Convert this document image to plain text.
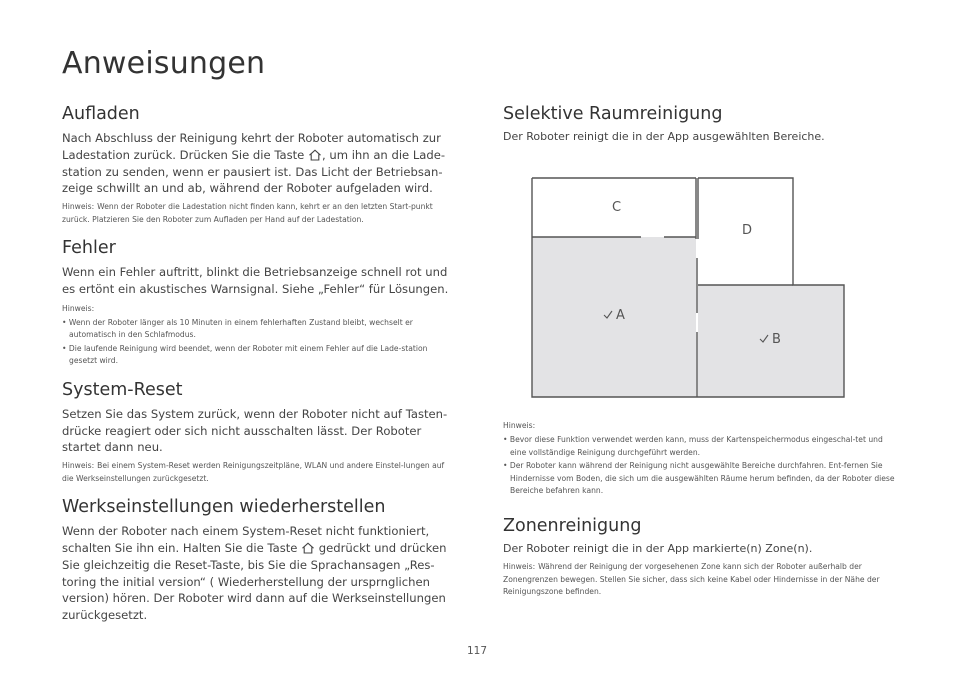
Anweisungen
Aufladen

Nach Abschluss der Reinigung kehrt der Roboter automatisch zur
Ladestation zurück. Drücken Sie die Taste , um ihn an die Lade-
station zu senden, wenn er pausiert ist. Das Licht der Betriebsan-
zeige schwillt an und ab, während der Roboter aufgeladen wird.

Hinweis: Wenn der Roboter die Ladestation nicht finden kann, kehrt er an den letzten Start-punkt zurück. Platzieren Sie den Roboter zum Aufladen per Hand auf der Ladestation.

Fehler

Wenn ein Fehler auftritt, blinkt die Betriebsanzeige schnell rot und es ertönt ein akustisches Warnsignal. Siehe „Fehler“ für Lösungen.

Hinweis:

• Wenn der Roboter länger als 10 Minuten in einem fehlerhaften Zustand bleibt, wechselt er automatisch in den Schlafmodus.
• Die laufende Reinigung wird beendet, wenn der Roboter mit einem Fehler auf die Lade-station gesetzt wird.
System-Reset

Setzen Sie das System zurück, wenn der Roboter nicht auf Tasten-drücke reagiert oder sich nicht ausschalten lässt. Der Roboter startet dann neu.

Hinweis: Bei einem System-Reset werden Reinigungszeitpläne, WLAN und andere Einstel-lungen auf die Werkseinstellungen zurückgesetzt.

Werkseinstellungen wiederherstellen

Wenn der Roboter nach einem System-Reset nicht funktioniert, schalten Sie ihn ein. Halten Sie die Taste gedrückt und drücken Sie gleichzeitig die Reset-Taste, bis Sie die Sprachansagen „Res-toring the initial version“ ( Wiederherstellung der ursprnglichen version) hören. Der Roboter wird dann auf die Werkseinstellungen zurückgesetzt.

Selektive Raumreinigung

Der Roboter reinigt die in der App ausgewählten Bereiche.

Hinweis:

• Bevor diese Funktion verwendet werden kann, muss der Kartenspeichermodus eingeschal-tet und eine vollständige Reinigung durchgeführt werden.
• Der Roboter kann während der Reinigung nicht ausgewählte Bereiche durchfahren. Ent-fernen Sie Hindernisse vom Boden, die sich um die ausgewählten Räume herum befinden, da der Roboter diese Bereiche befahren kann.
Zonenreinigung

Der Roboter reinigt die in der App markierte(n) Zone(n).

Hinweis: Während der Reinigung der vorgesehenen Zone kann sich der Roboter außerhalb der Zonengrenzen bewegen. Stellen Sie sicher, dass sich keine Kabel oder Hindernisse in der Nähe der Reinigungszone befinden.

C
D
A
B
117
